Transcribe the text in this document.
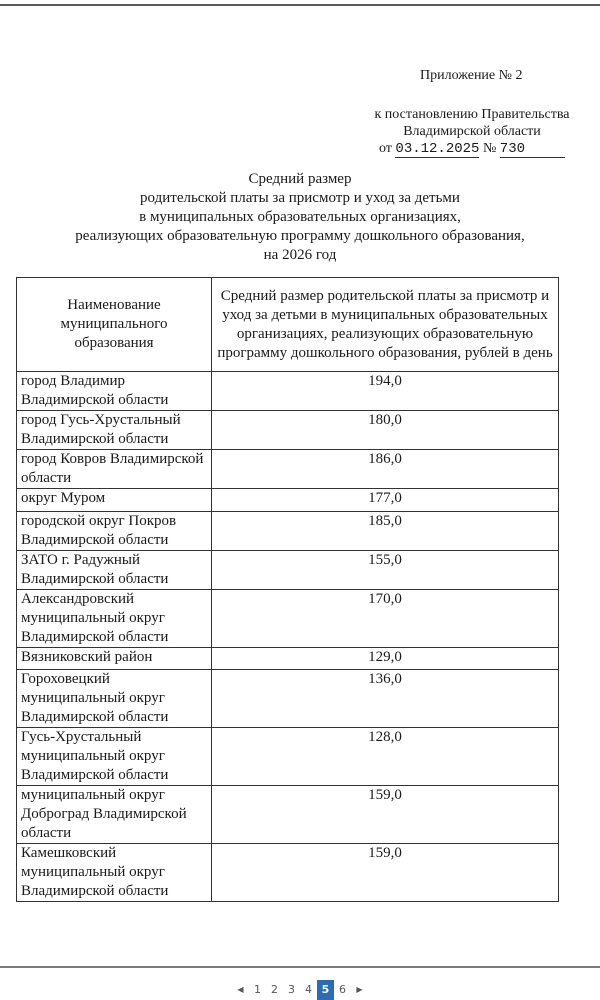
Приложение № 2
к постановлению Правительства
Владимирской области
от 03.12.2025 № 730
Средний размер
родительской платы за присмотр и уход за детьми
в муниципальных образовательных организациях,
реализующих образовательную программу дошкольного образования,
на 2026 год
Наименование муниципального образования	Средний размер родительской платы за присмотр и уход за детьми в муниципальных образовательных организациях, реализующих образовательную программу дошкольного образования, рублей в день
город Владимир Владимирской области	194,0
город Гусь-Хрустальный Владимирской области	180,0
город Ковров Владимирской области	186,0
округ Муром	177,0
городской округ Покров Владимирской области	185,0
ЗАТО г. Радужный Владимирской области	155,0
Александровский муниципальный округ Владимирской области	170,0
Вязниковский район	129,0
Гороховецкий муниципальный округ Владимирской области	136,0
Гусь-Хрустальный муниципальный округ Владимирской области	128,0
муниципальный округ Доброград Владимирской области	159,0
Камешковский муниципальный округ Владимирской области	159,0
◀ 1 2 3 4 5 6	▶
